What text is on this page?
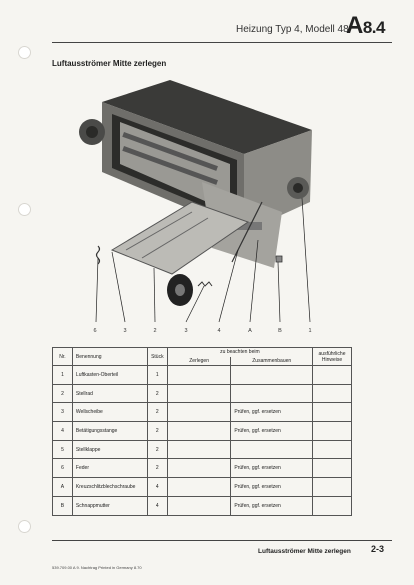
Heizung Typ 4, Modell 48
A8.4
Luftausströmer Mitte zerlegen
6	3	2	3	4	A	B	1
Nr.	Benennung	Stück	zu beachten beim		ausführliche Hinweise
			Zerlegen	Zusammenbauen	
1	Luftkasten-Oberteil	1			
2	Stellrad	2			
3	Wellscheibe	2		Prüfen, ggf. ersetzen	
4	Betätigungsstange	2		Prüfen, ggf. ersetzen	
5	Stellklappe	2			
6	Feder	2		Prüfen, ggf. ersetzen	
A	Kreuzschlitzblechschraube	4		Prüfen, ggf. ersetzen	
B	Schnappmutter	4		Prüfen, ggf. ersetzen	
Luftausströmer Mitte zerlegen 2-3
539.709.00 A 9. Nachtrag Printed in Germany 8.70
